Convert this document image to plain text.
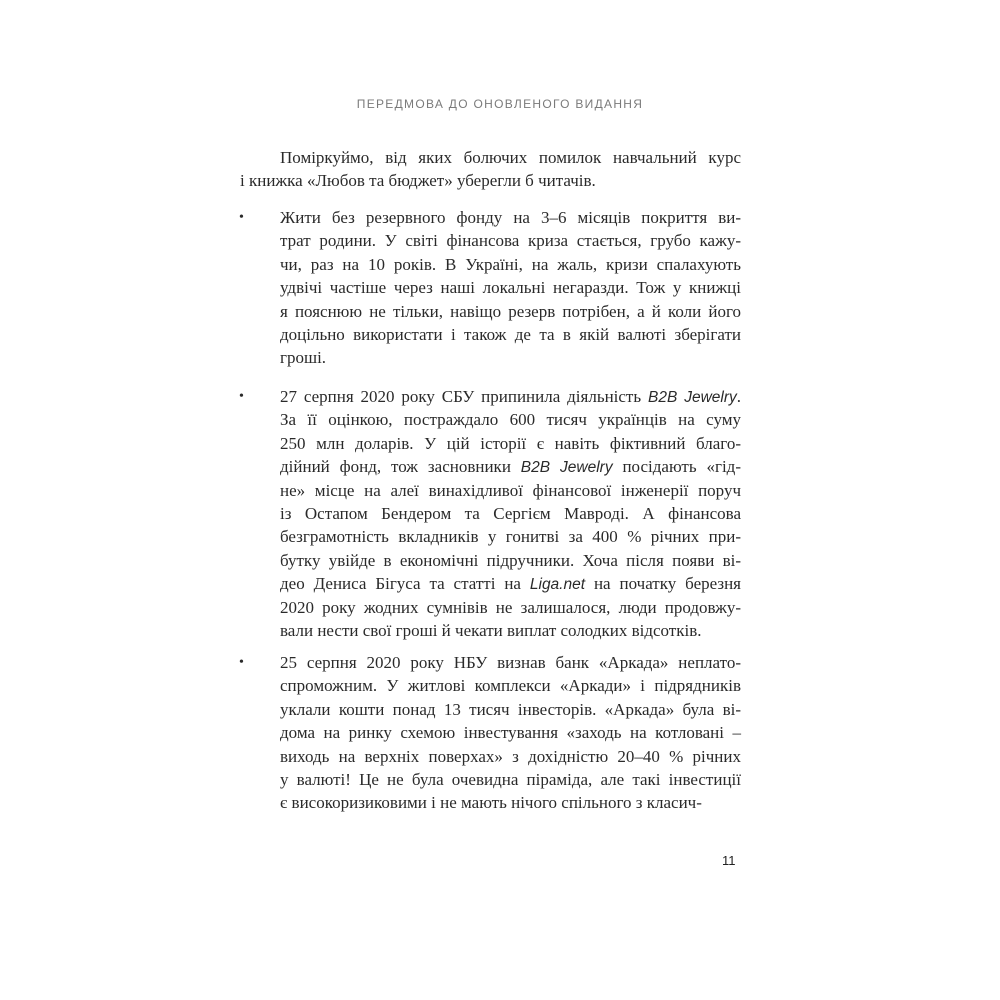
ПЕРЕДМОВА ДО ОНОВЛЕНОГО ВИДАННЯ
Поміркуймо, від яких болючих помилок навчальний курс
і книжка «Любов та бюджет» уберегли б читачів.
• Жити без резервного фонду на 3–6 місяців покриття ви-
трат родини. У світі фінансова криза стається, грубо кажу-
чи, раз на 10 років. В Україні, на жаль, кризи спалахують
удвічі частіше через наші локальні негаразди. Тож у книжці
я пояснюю не тільки, навіщо резерв потрібен, а й коли його
доцільно використати і також де та в якій валюті зберігати
гроші.
• 27 серпня 2020 року СБУ припинила діяльність B2B Jewelry.
За її оцінкою, постраждало 600 тисяч українців на суму
250 млн доларів. У цій історії є навіть фіктивний благо-
дійний фонд, тож засновники B2B Jewelry посідають «гід-
не» місце на алеї винахідливої фінансової інженерії поруч
із Остапом Бендером та Сергієм Мавроді. А фінансова
безграмотність вкладників у гонитві за 400 % річних при-
бутку увійде в економічні підручники. Хоча після появи ві-
део Дениса Бігуса та статті на Liga.net на початку березня
2020 року жодних сумнівів не залишалося, люди продовжу-
вали нести свої гроші й чекати виплат солодких відсотків.
• 25 серпня 2020 року НБУ визнав банк «Аркада» неплато-
спроможним. У житлові комплекси «Аркади» і підрядників
уклали кошти понад 13 тисяч інвесторів. «Аркада» була ві-
дома на ринку схемою інвестування «заходь на котловані –
виходь на верхніх поверхах» з дохідністю 20–40 % річних
у валюті! Це не була очевидна піраміда, але такі інвестиції
є високоризиковими і не мають нічого спільного з класич-
11
